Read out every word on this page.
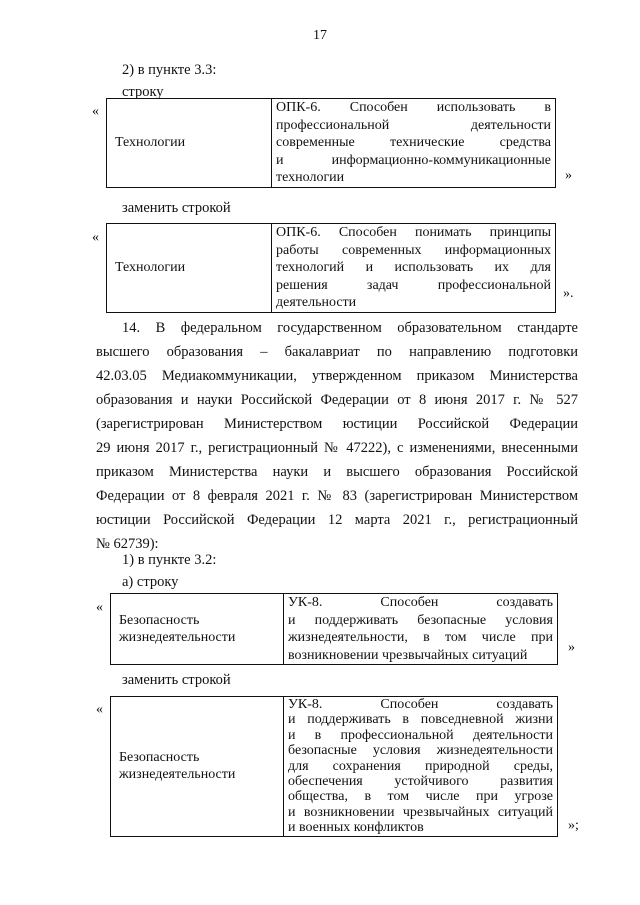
17
2) в пункте 3.3:
строку
«
Технологии	
ОПК-6. Способен использовать в
профессиональной деятельности
современные технические средства
и информационно-коммуникационные
технологии	»
заменить строкой
«
Технологии	
ОПК-6. Способен понимать принципы
работы современных информационных
технологий и использовать их для
решения задач профессиональной
деятельности
».
14. В федеральном государственном образовательном стандарте
высшего образования – бакалавриат по направлению подготовки
42.03.05 Медиакоммуникации, утвержденном приказом Министерства
образования и науки Российской Федерации от 8 июня 2017 г. № 527
(зарегистрирован Министерством юстиции Российской Федерации
29 июня 2017 г., регистрационный № 47222), с изменениями, внесенными
приказом Министерства науки и высшего образования Российской
Федерации от 8 февраля 2021 г. № 83 (зарегистрирован Министерством
юстиции Российской Федерации 12 марта 2021 г., регистрационный
№ 62739):
1) в пункте 3.2:
а) строку
«
Безопасность
жизнедеятельности

УК-8. Способен создавать
и поддерживать безопасные условия
жизнедеятельности, в том числе при
возникновении чрезвычайных ситуаций	»
заменить строкой
«
Безопасность
жизнедеятельности

УК-8. Способен создавать
и поддерживать в повседневной жизни
и в профессиональной деятельности
безопасные условия жизнедеятельности
для сохранения природной среды,
обеспечения устойчивого развития
общества, в том числе при угрозе
и возникновении чрезвычайных ситуаций
и военных конфликтов	»;
